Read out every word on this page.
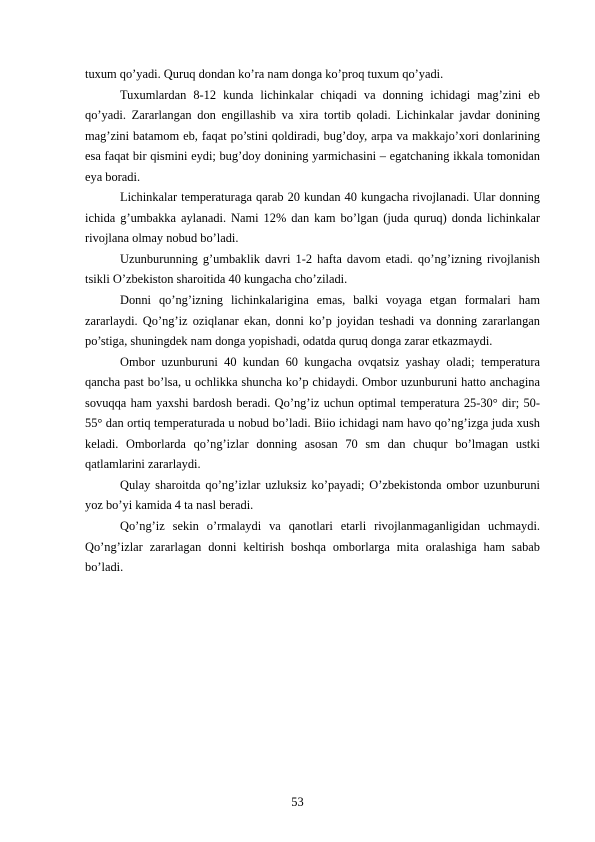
tuxum qo’yadi. Quruq dondan ko’ra nam donga ko’proq tuxum qo’yadi.

Tuxumlardan 8-12 kunda lichinkalar chiqadi va donning ichidagi mag’zini eb qo’yadi. Zararlangan don engillashib va xira tortib qoladi. Lichinkalar javdar donining mag’zini batamom eb, faqat po’stini qoldiradi, bug’doy, arpa va makkajo’xori donlarining esa faqat bir qismini eydi; bug’doy donining yarmichasini – egatchaning ikkala tomonidan eya boradi.

Lichinkalar temperaturaga qarab 20 kundan 40 kungacha rivojlanadi. Ular donning ichida g’umbakka aylanadi. Nami 12% dan kam bo’lgan (juda quruq) donda lichinkalar rivojlana olmay nobud bo’ladi.

Uzunburunning g’umbaklik davri 1-2 hafta davom etadi. qo’ng’izning rivojlanish tsikli O’zbekiston sharoitida 40 kungacha cho’ziladi.

Donni qo’ng’izning lichinkalarigina emas, balki voyaga etgan formalari ham zararlaydi. Qo’ng’iz oziqlanar ekan, donni ko’p joyidan teshadi va donning zararlangan po’stiga, shuningdek nam donga yopishadi, odatda quruq donga zarar etkazmaydi.

Ombor uzunburuni 40 kundan 60 kungacha ovqatsiz yashay oladi; temperatura qancha past bo’lsa, u ochlikka shuncha ko’p chidaydi. Ombor uzunburuni hatto anchagina sovuqqa ham yaxshi bardosh beradi. Qo’ng’iz uchun optimal temperatura 25-30° dir; 50-55° dan ortiq temperaturada u nobud bo’ladi. Biio ichidagi nam havo qo’ng’izga juda xush keladi. Omborlarda qo’ng’izlar donning asosan 70 sm dan chuqur bo’lmagan ustki qatlamlarini zararlaydi.

Qulay sharoitda qo’ng’izlar uzluksiz ko’payadi; O’zbekistonda ombor uzunburuni yoz bo’yi kamida 4 ta nasl beradi.

Qo’ng’iz sekin o’rmalaydi va qanotlari etarli rivojlanmaganligidan uchmaydi. Qo’ng’izlar zararlagan donni keltirish boshqa omborlarga mita oralashiga ham sabab bo’ladi.

53
